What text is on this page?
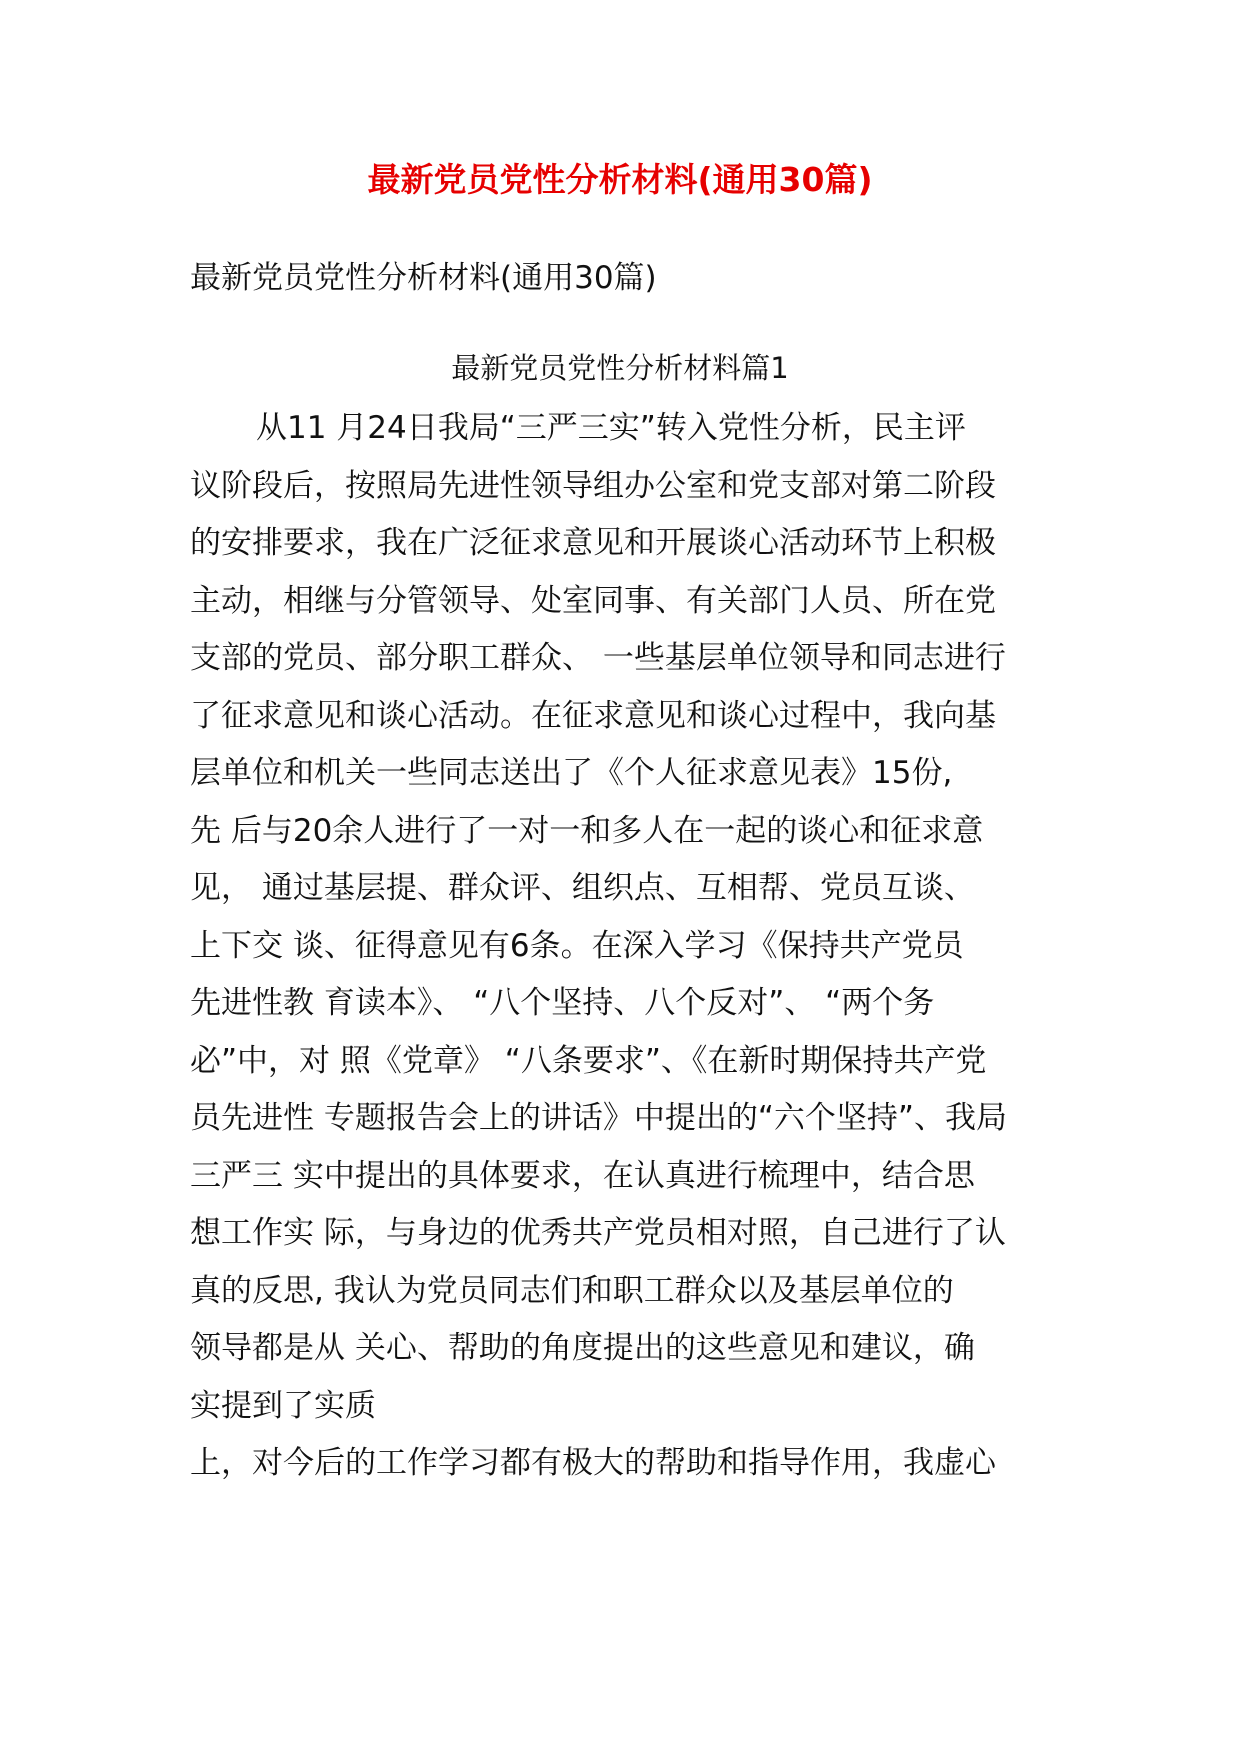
最新党员党性分析材料(通用30篇)
最新党员党性分析材料(通用30篇)
最新党员党性分析材料篇1
从11 月24日我局“三严三实”转入党性分析，民主评
议阶段后，按照局先进性领导组办公室和党支部对第二阶段
的安排要求，我在广泛征求意见和开展谈心活动环节上积极
主动，相继与分管领导、处室同事、有关部门人员、所在党
支部的党员、部分职工群众、 一些基层单位领导和同志进行
了征求意见和谈心活动。在征求意见和谈心过程中，我向基
层单位和机关一些同志送出了《个人征求意见表》15份,
先 后与20余人进行了一对一和多人在一起的谈心和征求意
见， 通过基层提、群众评、组织点、互相帮、党员互谈、
上下交 谈、征得意见有6条。在深入学习《保持共产党员
先进性教 育读本》、 “八个坚持、八个反对”、 “两个务
必”中，对 照《党章》 “八条要求”、《在新时期保持共产党
员先进性 专题报告会上的讲话》中提出的“六个坚持”、我局
三严三 实中提出的具体要求，在认真进行梳理中，结合思
想工作实 际，与身边的优秀共产党员相对照，自己进行了认
真的反思, 我认为党员同志们和职工群众以及基层单位的
领导都是从 关心、帮助的角度提出的这些意见和建议，确
实提到了实质
上，对今后的工作学习都有极大的帮助和指导作用，我虚心
